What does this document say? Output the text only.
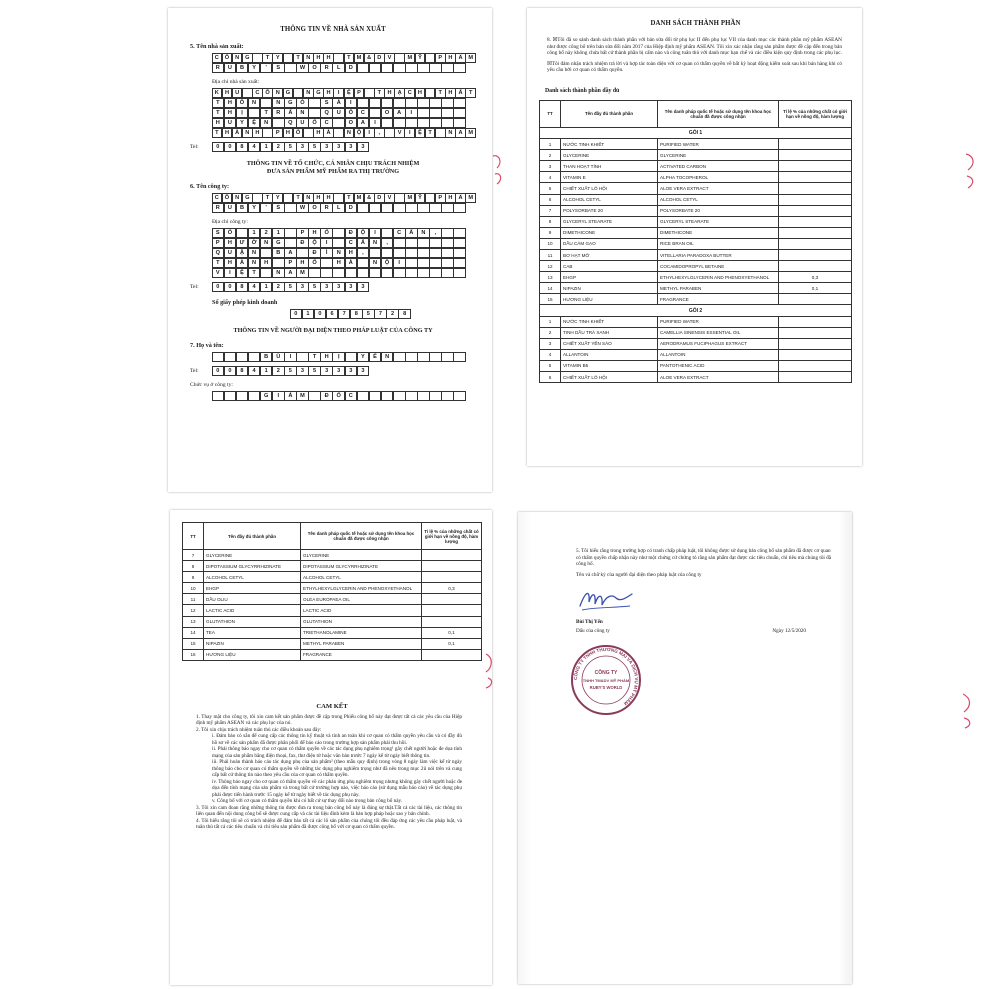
THÔNG TIN VỀ NHÀ SẢN XUẤT
5. Tên nhà sản xuất:
C	Ô	N	G	T	Y	T	N	H	H	T	M	&	D	V	M	Ỹ	P	H	Ẩ	M
R	U	B	Y	'	S	W	O	R	L	D
Địa chỉ nhà sản xuất:
K	H	U	C	Ô	N	G	N	G	H	I	Ệ	P	T	H	Ạ	C	H	T	H	Ấ	T
T	H	Ô	N	N	G	Ò	S	À	I
T	H	Ị	T	R	Ấ	N	Q	U	Ố	C	O	A	I
H	U	Y	Ệ	N	Q	U	Ố	C	O	A	I
T	H	À	N	H	P	H	Ố	H	À	N	Ộ	I	,	V	I	Ệ	T	N	A	M
Tel:	0	0	8	4	1	2	5	3	5	3	3	3	3
THÔNG TIN VỀ TỔ CHỨC, CÁ NHÂN CHỊU TRÁCH NHIỆM
ĐƯA SẢN PHẨM MỸ PHẨM RA THỊ TRƯỜNG
6. Tên công ty:
C	Ô	N	G	T	Y	T	N	H	H	T	M	&	D	V	M	Ỹ	P	H	Ẩ	M
R	U	B	Y	'	S	W	O	R	L	D
Địa chỉ công ty:
S	Ố	1	2	1	P	H	Ố	Đ	Ộ	I	C	Ấ	N	,
P	H	Ư	Ờ	N	G	Đ	Ộ	I	C	Ấ	N	,
Q	U	Ậ	N	B	A	Đ	Ì	N	H	,
T	H	À	N	H	P	H	Ố	H	À	N	Ộ	I
V	I	Ệ	T	N	A	M
Tel:	0	0	8	4	1	2	5	3	5	3	3	3	3
Số giấy phép kinh doanh
0	1	0	6	7	8	5	7	2	8
THÔNG TIN VỀ NGƯỜI ĐẠI DIỆN THEO PHÁP LUẬT CỦA CÔNG TY
7. Họ và tên:
B	Ù	I	T	H	Ị	Y	Ế	N
Tel:	0	0	8	4	1	2	5	3	5	3	3	3	3
Chức vụ ở công ty:
G	I	Á	M	Đ	Ố	C
DANH SÁCH THÀNH PHẦN
8. ☒Tôi đã so sánh danh sách thành phần với bản sửa đổi từ phụ lục II đến phụ lục VII của danh mục các thành phần mỹ phẩm ASEAN như được công bố trên bản sửa đổi năm 2017 của Hiệp định mỹ phẩm ASEAN. Tôi xin xác nhận rằng sản phẩm được đề cập đến trong bản công bố này không chứa bất cứ thành phần bị cấm nào và công tuân thủ với danh mục hạn chế và các điều kiện quy định trong các phụ lục.
☒Tôi đảm nhận trách nhiệm trả lời và hợp tác toàn diện với cơ quan có thẩm quyền về bất kỳ hoạt động kiểm soát sau khi bán hàng khi có yêu cầu bởi cơ quan có thẩm quyền.
Danh sách thành phần đầy đủ
TT	Tên đầy đủ thành phần	Tên danh pháp quốc tế hoặc sử dụng tên khoa học chuẩn đã được công nhận	Tỉ lệ % của những chất có giới hạn về nồng độ, hàm lượng
GÓI 1			
1	NƯỚC TINH KHIẾT	PURIFIED WATER	
2	GLYCERINE	GLYCERINE	
3	THAN HOẠT TÍNH	ACTIVATED CARBON	
4	VITAMIN E	ALPHA TOCOPHEROL	
5	CHIẾT XUẤT LÔ HỘI	ALOE VERA EXTRACT	
6	ALCOHOL CETYL	ALCOHOL CETYL	
7	POLYSORBATE 20	POLYSORBATE 20	
8	GLYCERYL STEARATE	GLYCERYL STEARATE	
9	DIMETHICONE	DIMETHICONE	
10	DẦU CÁM GẠO	RICE BRAN OIL	
11	BƠ HẠT MỠ	VITELLARIA PARADOXA BUTTER	
12	CAB	COCAMIDOPROPYL BETAINE	
13	EHGP	ETHYLHEXYLGLYCERIN AND PHENOXYETHANOL	0,3
14	NIPAZIN	METHYL PARABEN	0,1
15	HƯƠNG LIỆU	FRAGRANCE	
GÓI 2			
1	NƯỚC TINH KHIẾT	PURIFIED WATER	
2	TINH DẦU TRÀ XANH	CAMELLIA SINENSIS ESSENTIAL OIL	
3	CHIẾT XUẤT YẾN SÀO	AERODRAMUS FUCIPHAGUS EXTRACT	
4	ALLANTOIN	ALLANTOIN	
5	VITAMIN B5	PANTOTHENIC ACID	
6	CHIẾT XUẤT LÔ HỘI	ALOE VERA EXTRACT	
TT	Tên đầy đủ thành phần	Tên danh pháp quốc tế hoặc sử dụng tên khoa học chuẩn đã được công nhận	Tỉ lệ % của những chất có giới hạn về nồng độ, hàm lượng
7	GLYCERINE	GLYCERINE	
8	DIPOTASSIUM GLYCYRRHIZINATE	DIPOTASSIUM GLYCYRRHIZINATE	
9	ALCOHOL CETYL	ALCOHOL CETYL	
10	EHGP	ETHYLHEXYLGLYCERIN AND PHENOXYETHANOL	0,3
11	DẦU OLIU	OLEA EUROPAEA OIL	
12	LACTIC ACID	LACTIC ACID	
13	GLUTATHION	GLUTATHION	
14	TEA	TRIETHANOLAMINE	0,1
15	NIPAZIN	METHYL PARABEN	0,1
16	HƯƠNG LIỆU	FRAGRANCE	
CAM KẾT
1. Thay mặt cho công ty, tôi xin cam kết sản phẩm được đề cập trong Phiếu công bố này đạt được tất cả các yêu cầu của Hiệp định mỹ phẩm ASEAN và các phụ lục của nó.
2. Tôi xin chịu trách nhiệm tuân thủ các điều khoản sau đây:
i. Đảm bảo có sẵn để cung cấp các thông tin kỹ thuật và tính an toàn khi cơ quan có thẩm quyền yêu cầu và có đầy đủ hồ sơ về các sản phẩm đã được phân phối để báo cáo trong trường hợp sản phẩm phải thu hồi.
ii. Phải thông báo ngay cho cơ quan có thẩm quyền về các tác dụng phụ nghiêm trọng¹ gây chết người hoặc đe dọa tính mạng của sản phẩm bằng điện thoại, fax, thư điện tử hoặc văn bản trước 7 ngày kể từ ngày biết thông tin.
iii. Phải hoàn thành báo cáo tác dụng phụ của sản phẩm² (theo mẫu quy định) trong vòng 8 ngày làm việc kể từ ngày thông báo cho cơ quan có thẩm quyền về những tác dụng phụ nghiêm trọng như đã nêu trong mục 2ii nói trên và cung cấp bất cứ thông tin nào theo yêu cầu của cơ quan có thẩm quyền.
iv. Thông báo ngay cho cơ quan có thẩm quyền về các phản ứng phụ nghiêm trọng nhưng không gây chết người hoặc đe dọa đến tính mạng của sản phẩm và trong bất cứ trường hợp nào, việc báo cáo (sử dụng mẫu báo cáo) về tác dụng phụ phải được tiến hành trước 15 ngày kể từ ngày biết về tác dụng phụ này.
v. Công bố với cơ quan có thẩm quyền khi có bất cứ sự thay đổi nào trong bản công bố này.
3. Tôi xin cam đoan rằng những thông tin được đưa ra trong bản công bố này là đúng sự thật.Tất cả các tài liệu, các thông tin liên quan đến nội dung công bố sẽ được cung cấp và các tài liệu đính kèm là bản hợp pháp hoặc sao y bản chính.
4. Tôi hiểu rằng tôi sẽ có trách nhiệm để đảm bảo tất cả các lô sản phẩm của chúng tôi đều đáp ứng các yêu cầu pháp luật, và tuân thủ tất cả các tiêu chuẩn và chỉ tiêu sản phẩm đã được công bố với cơ quan có thẩm quyền.
5. Tôi hiểu rằng trong trường hợp có tranh chấp pháp luật, tôi không được sử dụng bản công bố sản phẩm đã được cơ quan có thẩm quyền chấp nhận này như một chứng cứ chứng tỏ rằng sản phẩm đạt được các tiêu chuẩn, chỉ tiêu mà chúng tôi đã công bố.
Tên và chữ ký của người đại diện theo pháp luật của công ty
Bùi Thị Yến
Dấu của công ty	Ngày 12/5/2020
CÔNG TY TNHH THƯƠNG MẠI VÀ DỊCH VỤ MỸ PHẨM
CÔNG TY
TNHH TM&DV MỸ PHẨM
RUBY'S WORLD
